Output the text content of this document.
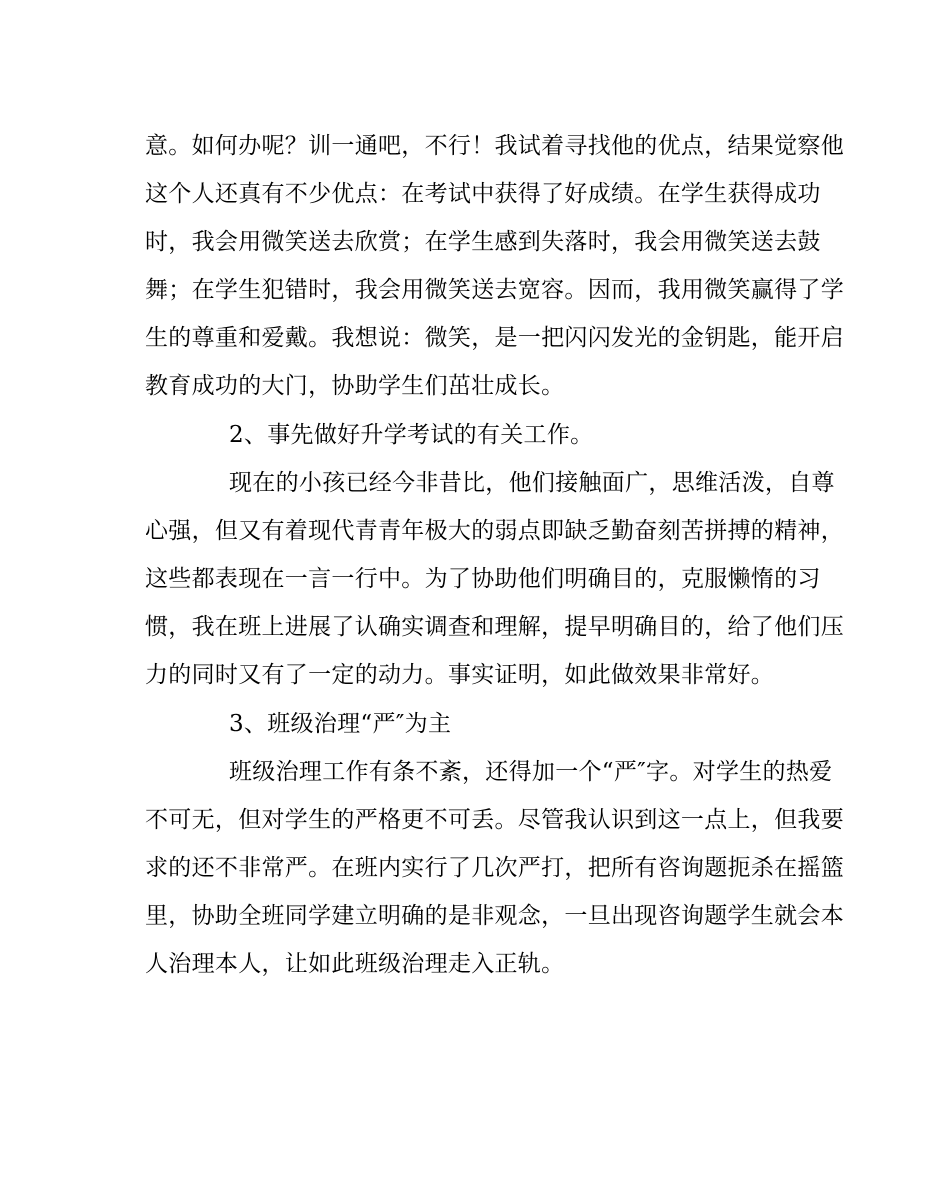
意。如何办呢？训一通吧，不行！我试着寻找他的优点，结果觉察他
这个人还真有不少优点：在考试中获得了好成绩。在学生获得成功
时，我会用微笑送去欣赏；在学生感到失落时，我会用微笑送去鼓
舞；在学生犯错时，我会用微笑送去宽容。因而，我用微笑赢得了学
生的尊重和爱戴。我想说：微笑，是一把闪闪发光的金钥匙，能开启
教育成功的大门，协助学生们茁壮成长。
2、事先做好升学考试的有关工作。
现在的小孩已经今非昔比，他们接触面广，思维活泼，自尊
心强，但又有着现代青青年极大的弱点即缺乏勤奋刻苦拼搏的精神，
这些都表现在一言一行中。为了协助他们明确目的，克服懒惰的习
惯，我在班上进展了认确实调查和理解，提早明确目的，给了他们压
力的同时又有了一定的动力。事实证明，如此做效果非常好。
3、班级治理“严″为主
班级治理工作有条不紊，还得加一个“严″字。对学生的热爱
不可无，但对学生的严格更不可丢。尽管我认识到这一点上，但我要
求的还不非常严。在班内实行了几次严打，把所有咨询题扼杀在摇篮
里，协助全班同学建立明确的是非观念，一旦出现咨询题学生就会本
人治理本人，让如此班级治理走入正轨。
